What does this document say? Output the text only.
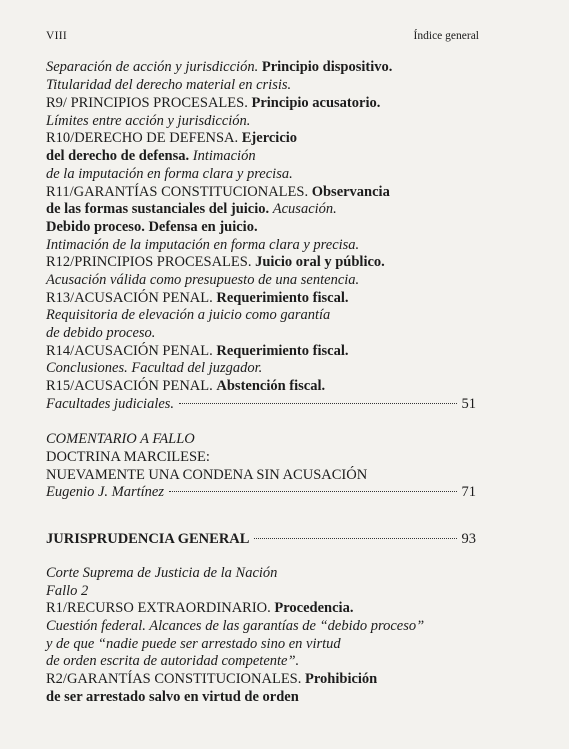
VIII	Índice general
Separación de acción y jurisdicción. Principio dispositivo.
Titularidad del derecho material en crisis.
R9/ PRINCIPIOS PROCESALES. Principio acusatorio.
Límites entre acción y jurisdicción.
R10/DERECHO DE DEFENSA. Ejercicio
del derecho de defensa. Intimación
de la imputación en forma clara y precisa.
R11/GARANTÍAS CONSTITUCIONALES. Observancia
de las formas sustanciales del juicio. Acusación.
Debido proceso. Defensa en juicio.
Intimación de la imputación en forma clara y precisa.
R12/PRINCIPIOS PROCESALES. Juicio oral y público.
Acusación válida como presupuesto de una sentencia.
R13/ACUSACIÓN PENAL. Requerimiento fiscal.
Requisitoria de elevación a juicio como garantía
de debido proceso.
R14/ACUSACIÓN PENAL. Requerimiento fiscal.
Conclusiones. Facultad del juzgador.
R15/ACUSACIÓN PENAL. Abstención fiscal.
Facultades judiciales.	51
COMENTARIO A FALLO
DOCTRINA MARCILESE:
NUEVAMENTE UNA CONDENA SIN ACUSACIÓN
Eugenio J. Martínez	71
JURISPRUDENCIA GENERAL	93
Corte Suprema de Justicia de la Nación
Fallo 2
R1/RECURSO EXTRAORDINARIO. Procedencia.
Cuestión federal. Alcances de las garantías de “debido proceso”
y de que “nadie puede ser arrestado sino en virtud
de orden escrita de autoridad competente”.
R2/GARANTÍAS CONSTITUCIONALES. Prohibición
de ser arrestado salvo en virtud de orden
